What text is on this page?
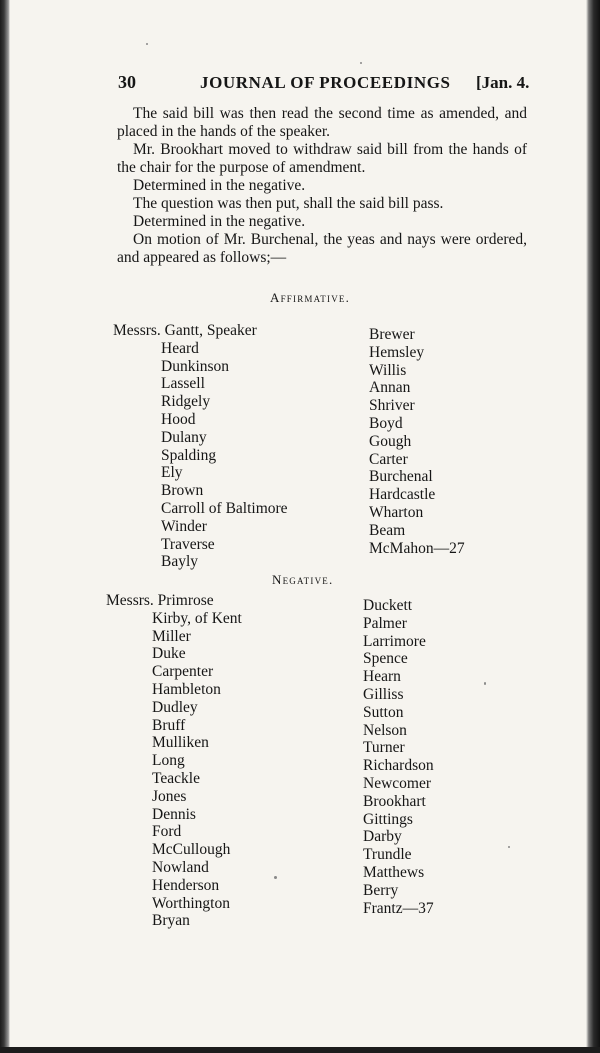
30	JOURNAL OF PROCEEDINGS [Jan. 4.

The said bill was then read the second time as amended, and placed in the hands of the speaker.

Mr. Brookhart moved to withdraw said bill from the hands of the chair for the purpose of amendment.

Determined in the negative.

The question was then put, shall the said bill pass.

Determined in the negative.

On motion of Mr. Burchenal, the yeas and nays were ordered, and appeared as follows;—

Affirmative.
Messrs. Gantt, Speaker
Heard
Dunkinson
Lassell
Ridgely
Hood
Dulany
Spalding
Ely
Brown
Carroll of Baltimore
Winder
Traverse
Bayly
Brewer
Hemsley
Willis
Annan
Shriver
Boyd
Gough
Carter
Burchenal
Hardcastle
Wharton
Beam
McMahon—27
Negative.
Messrs. Primrose
Kirby, of Kent
Miller
Duke
Carpenter
Hambleton
Dudley
Bruff
Mulliken
Long
Teackle
Jones
Dennis
Ford
McCullough
Nowland
Henderson
Worthington
Bryan
Duckett
Palmer
Larrimore
Spence
Hearn
Gilliss
Sutton
Nelson
Turner
Richardson
Newcomer
Brookhart
Gittings
Darby
Trundle
Matthews
Berry
Frantz—37
